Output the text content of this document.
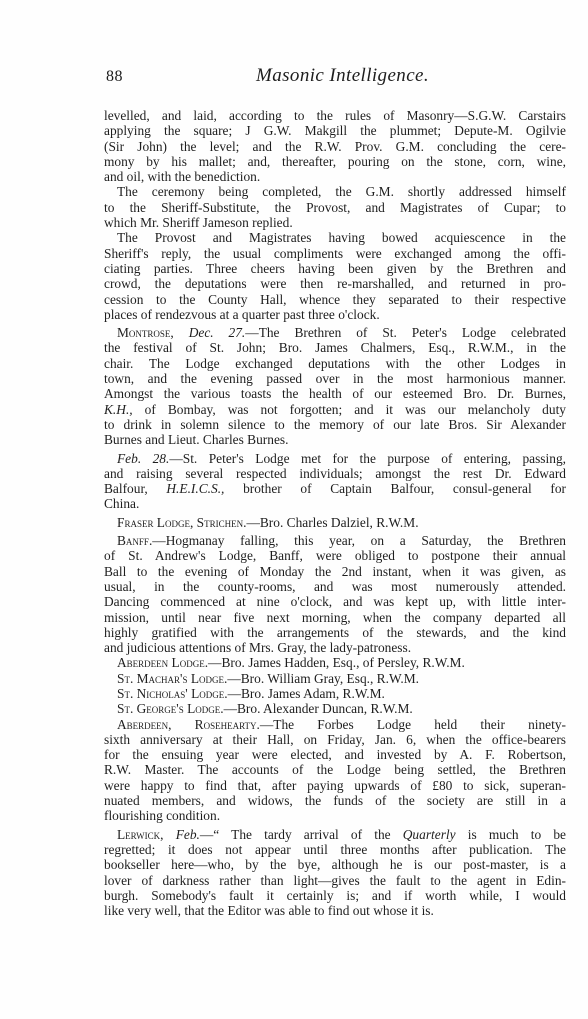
88	Masonic Intelligence.
levelled, and laid, according to the rules of Masonry—S.G.W. Carstairs
applying the square; J G.W. Makgill the plummet; Depute-M. Ogilvie
(Sir John) the level; and the R.W. Prov. G.M. concluding the cere-
mony by his mallet; and, thereafter, pouring on the stone, corn, wine,
and oil, with the benediction.
The ceremony being completed, the G.M. shortly addressed himself
to the Sheriff-Substitute, the Provost, and Magistrates of Cupar; to
which Mr. Sheriff Jameson replied.
The Provost and Magistrates having bowed acquiescence in the
Sheriff's reply, the usual compliments were exchanged among the offi-
ciating parties. Three cheers having been given by the Brethren and
crowd, the deputations were then re-marshalled, and returned in pro-
cession to the County Hall, whence they separated to their respective
places of rendezvous at a quarter past three o'clock.
Montrose, Dec. 27.—The Brethren of St. Peter's Lodge celebrated
the festival of St. John; Bro. James Chalmers, Esq., R.W.M., in the
chair. The Lodge exchanged deputations with the other Lodges in
town, and the evening passed over in the most harmonious manner.
Amongst the various toasts the health of our esteemed Bro. Dr. Burnes,
K.H., of Bombay, was not forgotten; and it was our melancholy duty
to drink in solemn silence to the memory of our late Bros. Sir Alexander
Burnes and Lieut. Charles Burnes.
Feb. 28.—St. Peter's Lodge met for the purpose of entering, passing,
and raising several respected individuals; amongst the rest Dr. Edward
Balfour, H.E.I.C.S., brother of Captain Balfour, consul-general for
China.
Fraser Lodge, Strichen.—Bro. Charles Dalziel, R.W.M.
Banff.—Hogmanay falling, this year, on a Saturday, the Brethren
of St. Andrew's Lodge, Banff, were obliged to postpone their annual
Ball to the evening of Monday the 2nd instant, when it was given, as
usual, in the county-rooms, and was most numerously attended.
Dancing commenced at nine o'clock, and was kept up, with little inter-
mission, until near five next morning, when the company departed all
highly gratified with the arrangements of the stewards, and the kind
and judicious attentions of Mrs. Gray, the lady-patroness.
Aberdeen Lodge.—Bro. James Hadden, Esq., of Persley, R.W.M.
St. Machar's Lodge.—Bro. William Gray, Esq., R.W.M.
St. Nicholas' Lodge.—Bro. James Adam, R.W.M.
St. George's Lodge.—Bro. Alexander Duncan, R.W.M.
Aberdeen, Rosehearty.—The Forbes Lodge held their ninety-
sixth anniversary at their Hall, on Friday, Jan. 6, when the office-bearers
for the ensuing year were elected, and invested by A. F. Robertson,
R.W. Master. The accounts of the Lodge being settled, the Brethren
were happy to find that, after paying upwards of £80 to sick, superan-
nuated members, and widows, the funds of the society are still in a
flourishing condition.
Lerwick, Feb.—“ The tardy arrival of the Quarterly is much to be
regretted; it does not appear until three months after publication. The
bookseller here—who, by the bye, although he is our post-master, is a
lover of darkness rather than light—gives the fault to the agent in Edin-
burgh. Somebody's fault it certainly is; and if worth while, I would
like very well, that the Editor was able to find out whose it is.
